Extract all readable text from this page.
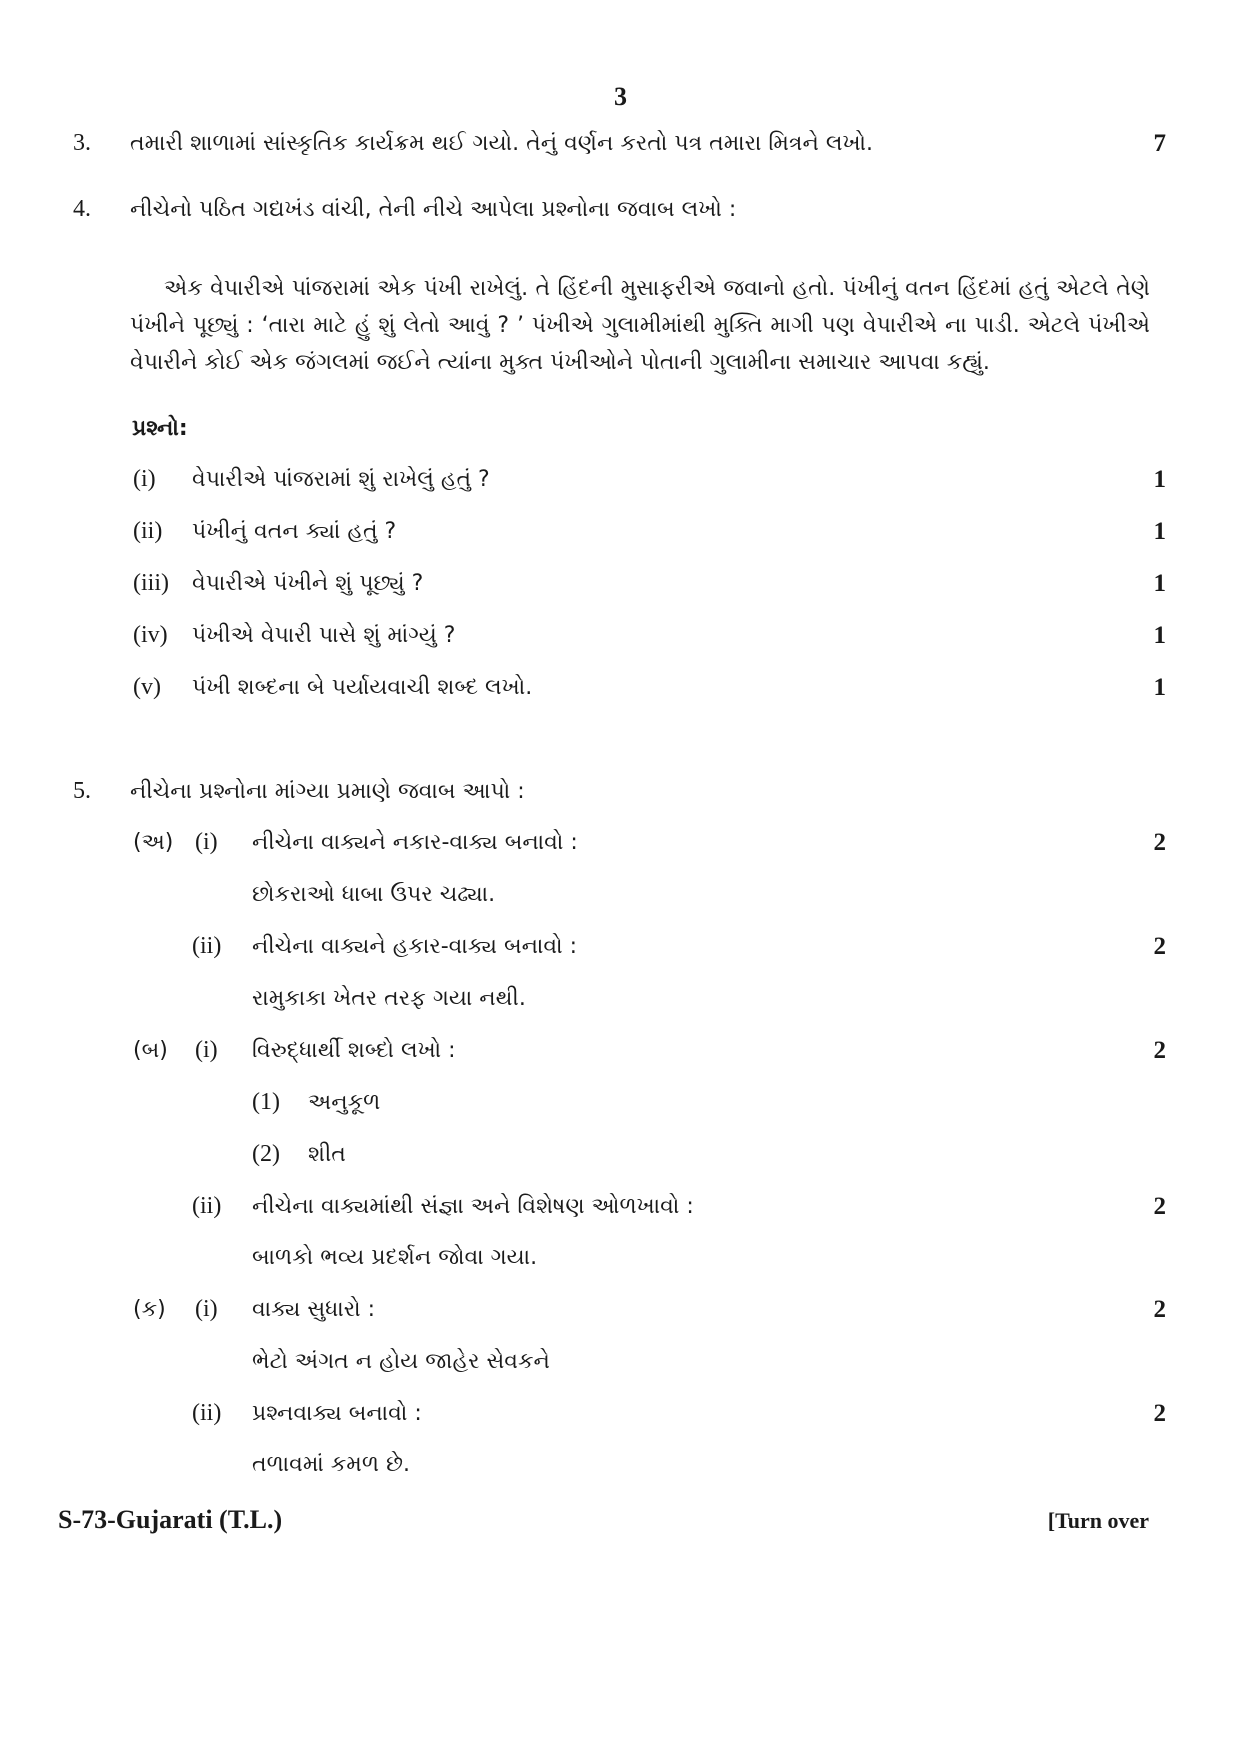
3
3. તમારી શાળામાં સાંસ્કૃતિક કાર્યક્રમ થઈ ગયો. તેનું વર્ણન કરતો પત્ર તમારા મિત્રને લખો.	7
4. નીચેનો પઠિત ગદ્યખંડ વાંચી, તેની નીચે આપેલા પ્રશ્નોના જવાબ લખો :
એક વેપારીએ પાંજરામાં એક પંખી રાખેલું. તે હિંદની મુસાફરીએ જવાનો હતો. પંખીનું વતન હિંદમાં હતું એટલે તેણે પંખીને પૂછ્યું : ‘તારા માટે હું શું લેતો આવું ? ’ પંખીએ ગુલામીમાંથી મુક્તિ માગી પણ વેપારીએ ના પાડી. એટલે પંખીએ વેપારીને કોઈ એક જંગલમાં જઈને ત્યાંના મુક્ત પંખીઓને પોતાની ગુલામીના સમાચાર આપવા કહ્યું.
પ્રશ્નો:
(i) વેપારીએ પાંજરામાં શું રાખેલું હતું ?	1
(ii) પંખીનું વતન ક્યાં હતું ?	1
(iii) વેપારીએ પંખીને શું પૂછ્યું ?	1
(iv) પંખીએ વેપારી પાસે શું માંગ્યું ?	1
(v) પંખી શબ્દના બે પર્યાયવાચી શબ્દ લખો.	1
5. નીચેના પ્રશ્નોના માંગ્યા પ્રમાણે જવાબ આપો :
(અ) (i) નીચેના વાક્યને નકાર-વાક્ય બનાવો :	2
છોકરાઓ ધાબા ઉપર ચઢ્યા.
(ii) નીચેના વાક્યને હકાર-વાક્ય બનાવો :	2
રામુકાકા ખેતર તરફ ગયા નથી.
(બ) (i) વિરુદ્ધાર્થી શબ્દો લખો :	2
(1) અનુકૂળ
(2) શીત
(ii) નીચેના વાક્યમાંથી સંજ્ઞા અને વિશેષણ ઓળખાવો :	2
બાળકો ભવ્ય પ્રદર્શન જોવા ગયા.
(ક) (i) વાક્ય સુધારો :	2
ભેટો અંગત ન હોય જાહેર સેવકને
(ii) પ્રશ્નવાક્ય બનાવો :	2
તળાવમાં કમળ છે.
S-73-Gujarati (T.L.)	[Turn over
